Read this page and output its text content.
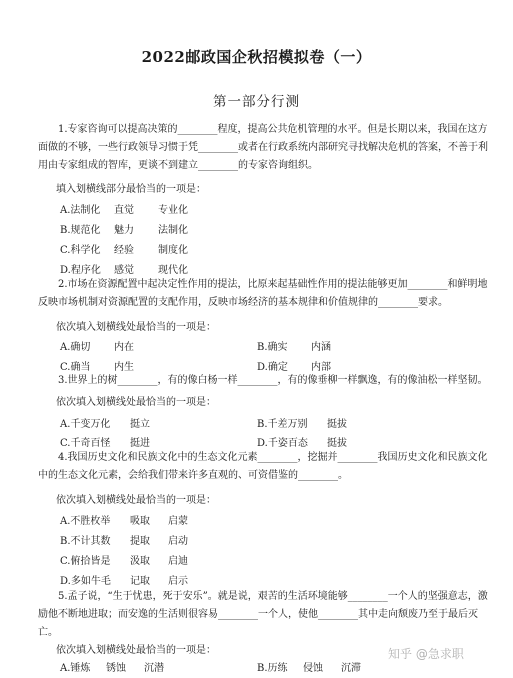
2022邮政国企秋招模拟卷（一）
第一部分行测

1.专家咨询可以提高决策的________程度，提高公共危机管理的水平。但是长期以来，我国在这方面做的不够，一些行政领导习惯于凭________或者在行政系统内部研究寻找解决危机的答案，不善于利用由专家组成的智库，更谈不到建立________的专家咨询组织。

填入划横线部分最恰当的一项是：
A.法制化 直觉 专业化
B.规范化 魅力 法制化
C.科学化 经验 制度化
D.程序化 感觉 现代化

2.市场在资源配置中起决定性作用的提法，比原来起基础性作用的提法能够更加________和鲜明地反映市场机制对资源配置的支配作用，反映市场经济的基本规律和价值规律的________要求。

依次填入划横线处最恰当的一项是：
A.确切 内在	B.确实 内涵
C.确当 内生	D.确定 内部

3.世界上的树________，有的像白杨一样________，有的像垂柳一样飘逸，有的像油松一样坚韧。

依次填入划横线处最恰当的一项是：
A.千变万化 挺立	B.千差万别 挺拔
C.千奇百怪 挺进	D.千姿百态 挺拔

4.我国历史文化和民族文化中的生态文化元素________，挖掘并________我国历史文化和民族文化中的生态文化元素，会给我们带来许多直观的、可资借鉴的________。

依次填入划横线处最恰当的一项是：
A.不胜枚举 吸取 启蒙
B.不计其数 提取 启动
C.俯拾皆是 汲取 启迪
D.多如牛毛 记取 启示

5.孟子说，“生于忧患，死于安乐”。就是说，艰苦的生活环境能够________一个人的坚强意志，激励他不断地进取；而安逸的生活则很容易________一个人，使他________其中走向颓废乃至于最后灭亡。

依次填入划横线处最恰当的一项是：
A.锤炼 锈蚀 沉潜	B.历练 侵蚀 沉滞
知乎 @急求职
